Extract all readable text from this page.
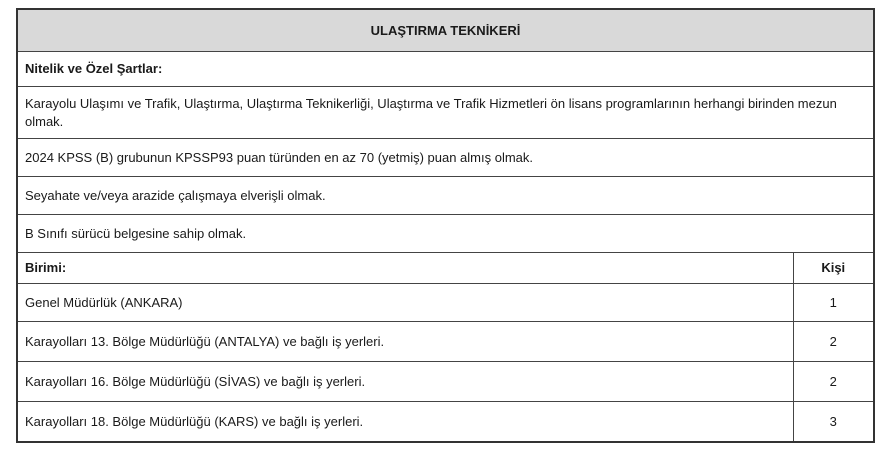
ULAŞTIRMA TEKNİKERİ	
Nitelik ve Özel Şartlar:	
Karayolu Ulaşımı ve Trafik, Ulaştırma, Ulaştırma Teknikerliği, Ulaştırma ve Trafik Hizmetleri ön lisans programlarının herhangi birinden mezun olmak.	
2024 KPSS (B) grubunun KPSSP93 puan türünden en az 70 (yetmiş) puan almış olmak.	
Seyahate ve/veya arazide çalışmaya elverişli olmak.	
B Sınıfı sürücü belgesine sahip olmak.	
Birimi:	Kişi
Genel Müdürlük (ANKARA)	1
Karayolları 13. Bölge Müdürlüğü (ANTALYA) ve bağlı iş yerleri.	2
Karayolları 16. Bölge Müdürlüğü (SİVAS) ve bağlı iş yerleri.	2
Karayolları 18. Bölge Müdürlüğü (KARS) ve bağlı iş yerleri.	3
